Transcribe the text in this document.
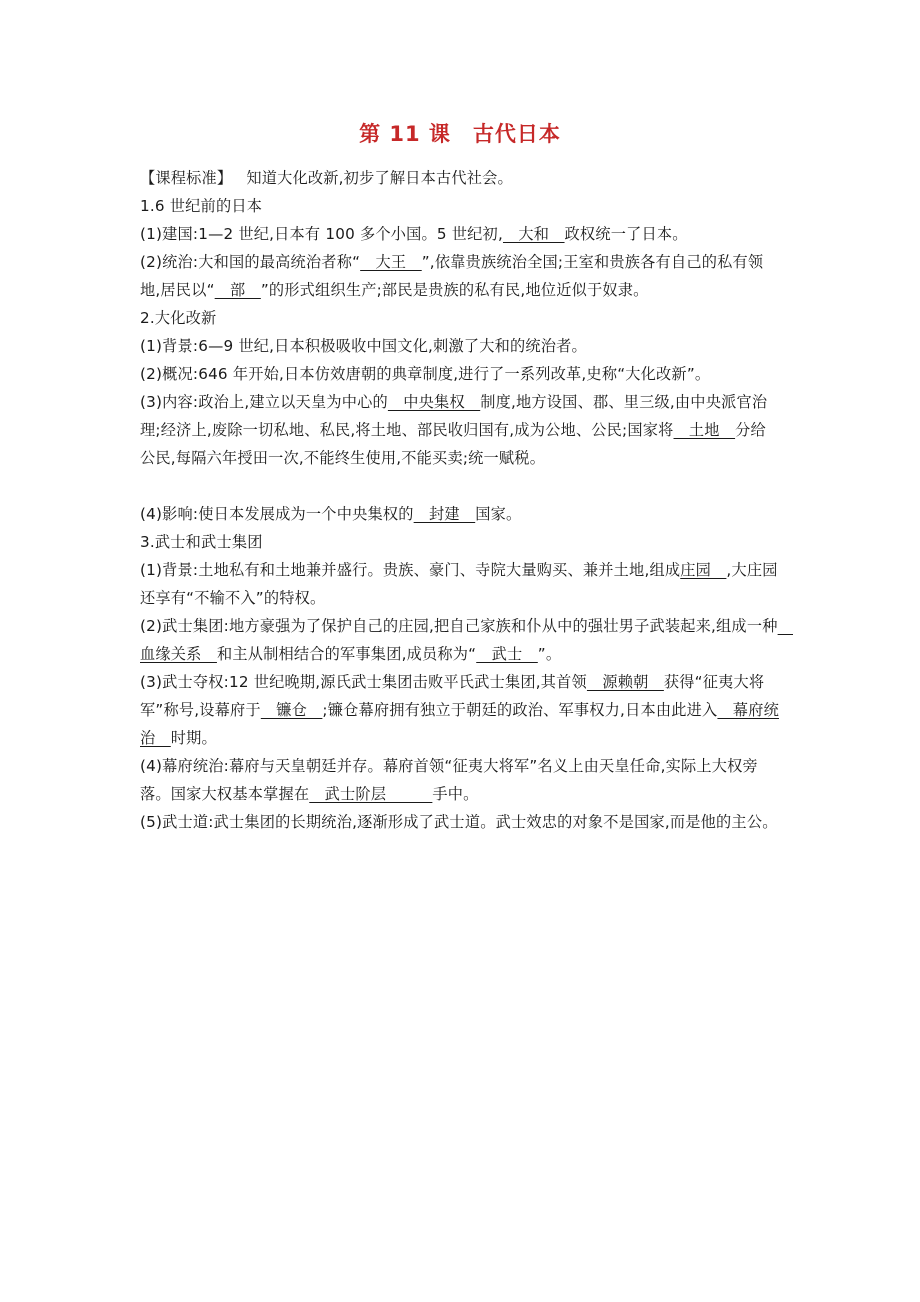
第 11 课 古代日本

【课程标准】 知道大化改新,初步了解日本古代社会。

1.6 世纪前的日本

(1)建国:1—2 世纪,日本有 100 多个小国。5 世纪初,　大和　政权统一了日本。

(2)统治:大和国的最高统治者称“　大王　”,依靠贵族统治全国;王室和贵族各有自己的私有领地,居民以“　部　”的形式组织生产;部民是贵族的私有民,地位近似于奴隶。

2.大化改新

(1)背景:6—9 世纪,日本积极吸收中国文化,刺激了大和的统治者。

(2)概况:646 年开始,日本仿效唐朝的典章制度,进行了一系列改革,史称“大化改新”。

(3)内容:政治上,建立以天皇为中心的　中央集权　制度,地方设国、郡、里三级,由中央派官治理;经济上,废除一切私地、私民,将土地、部民收归国有,成为公地、公民;国家将　土地　分给公民,每隔六年授田一次,不能终生使用,不能买卖;统一赋税。

(4)影响:使日本发展成为一个中央集权的　封建　国家。

3.武士和武士集团

(1)背景:土地私有和土地兼并盛行。贵族、豪门、寺院大量购买、兼并土地,组成庄园　,大庄园还享有“不输不入”的特权。

(2)武士集团:地方豪强为了保护自己的庄园,把自己家族和仆从中的强壮男子武装起来,组成一种　血缘关系　和主从制相结合的军事集团,成员称为“　武士　”。

(3)武士夺权:12 世纪晚期,源氏武士集团击败平氏武士集团,其首领　源赖朝　获得“征夷大将军”称号,设幕府于　镰仓　;镰仓幕府拥有独立于朝廷的政治、军事权力,日本由此进入　幕府统治　时期。

(4)幕府统治:幕府与天皇朝廷并存。幕府首领“征夷大将军”名义上由天皇任命,实际上大权旁落。国家大权基本掌握在　武士阶层　　　手中。

(5)武士道:武士集团的长期统治,逐渐形成了武士道。武士效忠的对象不是国家,而是他的主公。
